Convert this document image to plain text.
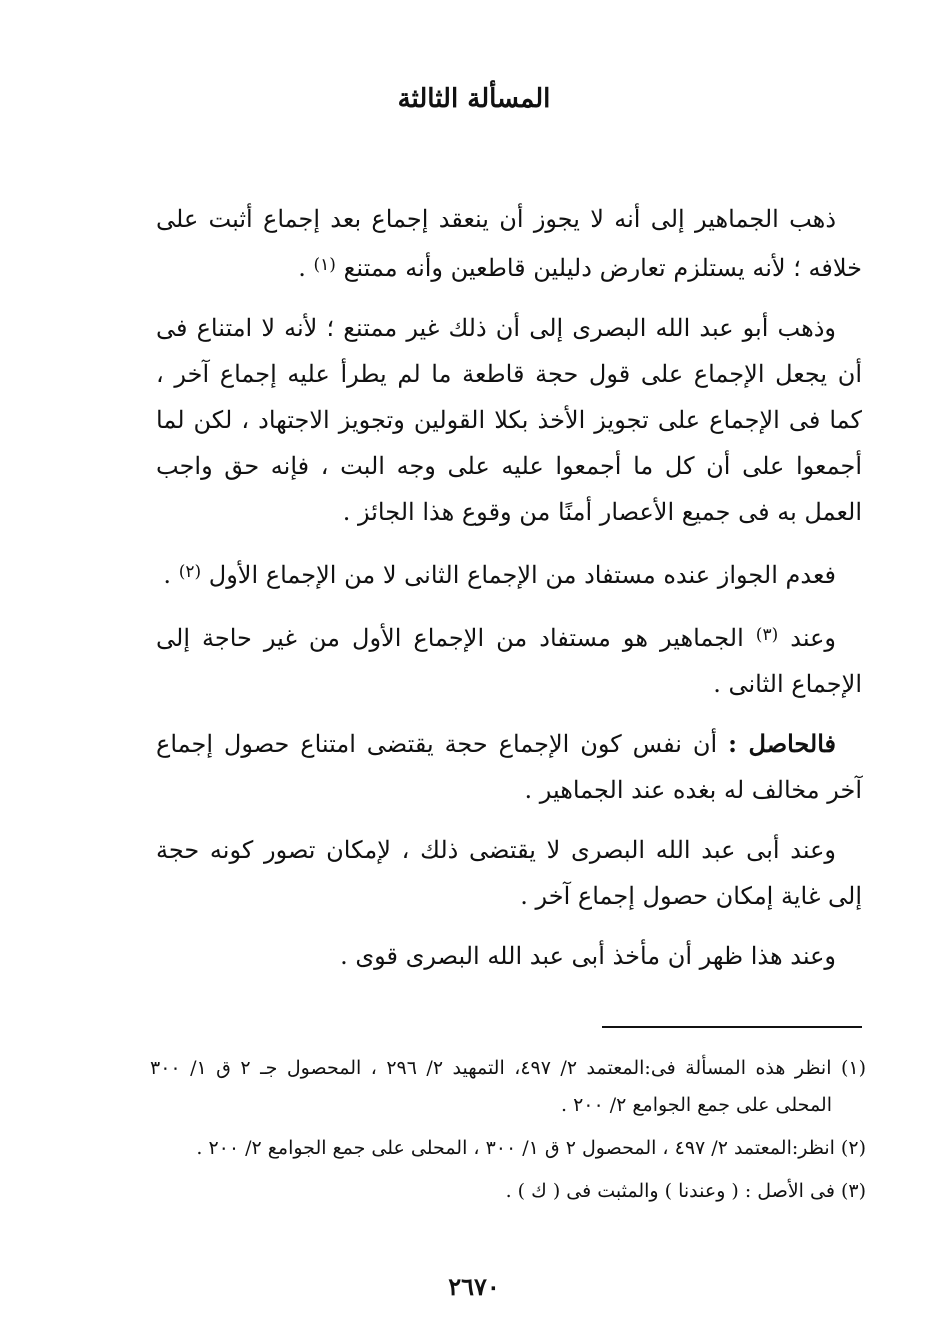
المسألة الثالثة

ذهب الجماهير إلى أنه لا يجوز أن ينعقد إجماع بعد إجماع أثبت على خلافه ؛ لأنه يستلزم تعارض دليلين قاطعين وأنه ممتنع $^{(١)}$ .

وذهب أبو عبد الله البصرى إلى أن ذلك غير ممتنع ؛ لأنه لا امتناع فى أن يجعل الإجماع على قول حجة قاطعة ما لم يطرأ عليه إجماع آخر ، كما فى الإجماع على تجويز الأخذ بكلا القولين وتجويز الاجتهاد ، لكن لما أجمعوا على أن كل ما أجمعوا عليه على وجه البت ، فإنه حق واجب العمل به فى جميع الأعصار أمنًا من وقوع هذا الجائز .

فعدم الجواز عنده مستفاد من الإجماع الثانى لا من الإجماع الأول $^{(٢)}$ .

وعند $^{(٣)}$ الجماهير هو مستفاد من الإجماع الأول من غير حاجة إلى الإجماع الثانى .

فالحاصل : أن نفس كون الإجماع حجة يقتضى امتناع حصول إجماع آخر مخالف له بغده عند الجماهير .

وعند أبى عبد الله البصرى لا يقتضى ذلك ، لإمكان تصور كونه حجة إلى غاية إمكان حصول إجماع آخر .

وعند هذا ظهر أن مأخذ أبى عبد الله البصرى قوى .

(١) انظر هذه المسألة فى:المعتمد ٢/ ٤٩٧، التمهيد ٢/ ٢٩٦ ، المحصول جـ ٢ ق ١/ ٣٠٠ المحلى على جمع الجوامع ٢/ ٢٠٠ .

(٢) انظر:المعتمد ٢/ ٤٩٧ ، المحصول ٢ ق ١/ ٣٠٠ ، المحلى على جمع الجوامع ٢/ ٢٠٠ .

(٣) فى الأصل : ( وعندنا ) والمثبت فى ( ك ) .

٢٦٧٠
